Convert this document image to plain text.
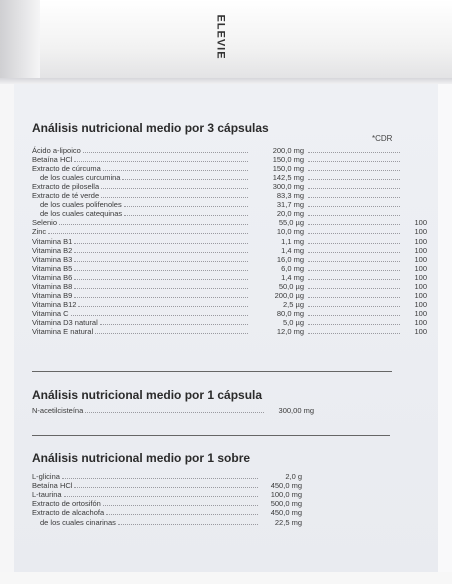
ELEVIE
Análisis nutricional medio por 3 cápsulas
*CDR
Ácido a-lipoico	200,0 mg
Betaína HCl	150,0 mg
Extracto de cúrcuma	150,0 mg
de los cuales curcumina	142,5 mg
Extracto de pilosella	300,0 mg
Extracto de té verde	83,3 mg
de los cuales polifenoles	31,7 mg
de los cuales catequinas	20,0 mg
Selenio	55,0 µg	100
Zinc	10,0 mg	100
Vitamina B1	1,1 mg	100
Vitamina B2	1,4 mg	100
Vitamina B3	16,0 mg	100
Vitamina B5	6,0 mg	100
Vitamina B6	1,4 mg	100
Vitamina B8	50,0 µg	100
Vitamina B9	200,0 µg	100
Vitamina B12	2,5 µg	100
Vitamina C	80,0 mg	100
Vitamina D3 natural	5,0 µg	100
Vitamina E natural	12,0 mg	100
Análisis nutricional medio por 1 cápsula
N-acetilcisteína	300,00 mg
Análisis nutricional medio por 1 sobre
L-glicina	2,0 g
Betaína HCl	450,0 mg
L-taurina	100,0 mg
Extracto de ortosifón	500,0 mg
Extracto de alcachofa	450,0 mg
de los cuales cinarinas	22,5 mg
